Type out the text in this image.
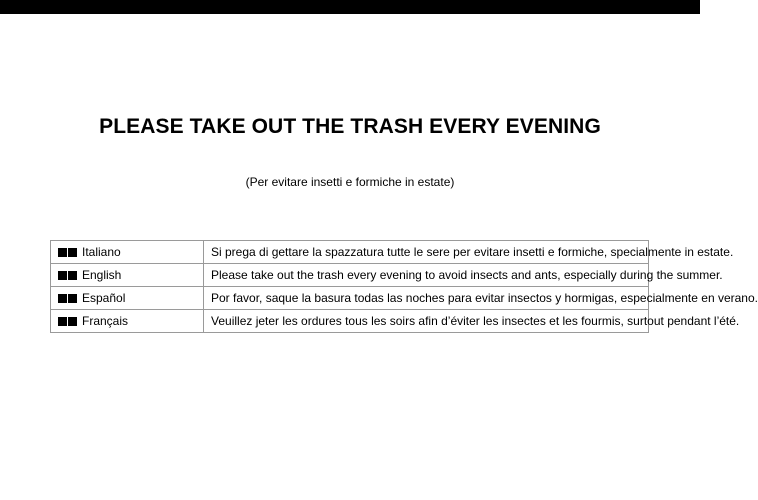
PLEASE TAKE OUT THE TRASH EVERY EVENING
(Per evitare insetti e formiche in estate)
Italiano	Si prega di gettare la spazzatura tutte le sere per evitare insetti e formiche, specialmente in estate.
English	Please take out the trash every evening to avoid insects and ants, especially during the summer.
Español	Por favor, saque la basura todas las noches para evitar insectos y hormigas, especialmente en verano.
Français	Veuillez jeter les ordures tous les soirs afin d’éviter les insectes et les fourmis, surtout pendant l’été.
